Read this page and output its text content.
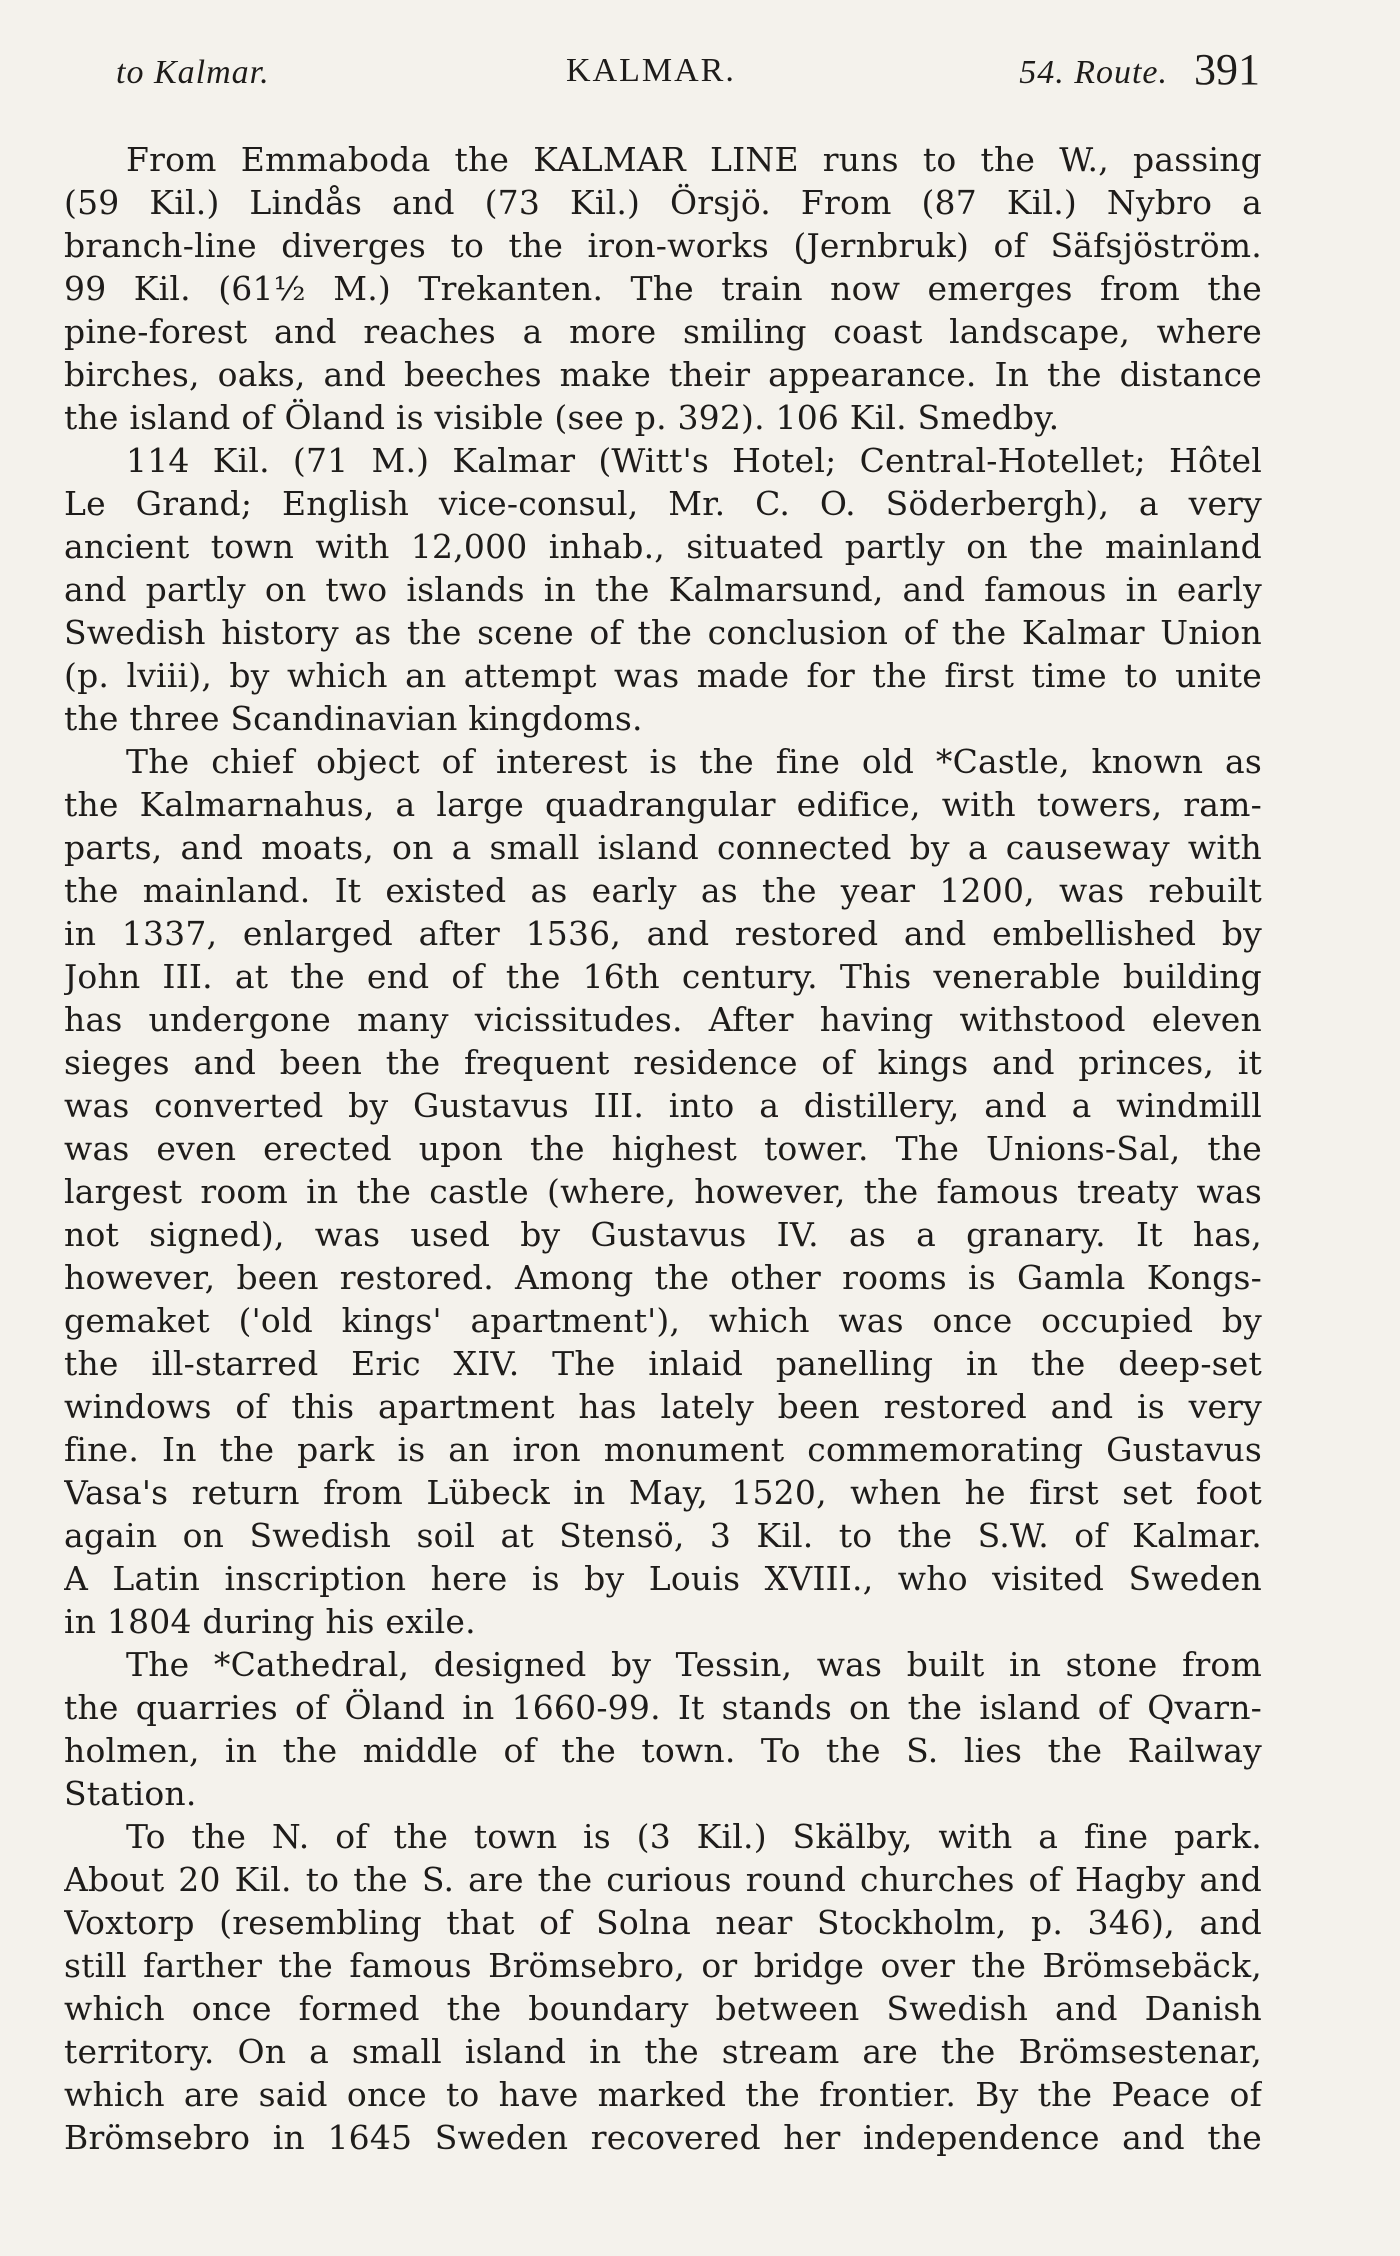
to Kalmar.	KALMAR.	54. Route. 391
From Emmaboda the KALMAR LINE runs to the W., passing
(59 Kil.) Lindås and (73 Kil.) Örsjö. From (87 Kil.) Nybro a
branch-line diverges to the iron-works (Jernbruk) of Säfsjöström.
99 Kil. (61½ M.) Trekanten. The train now emerges from the
pine-forest and reaches a more smiling coast landscape, where
birches, oaks, and beeches make their appearance. In the distance
the island of Öland is visible (see p. 392). 106 Kil. Smedby.
114 Kil. (71 M.) Kalmar (Witt's Hotel; Central-Hotellet; Hôtel
Le Grand; English vice-consul, Mr. C. O. Söderbergh), a very
ancient town with 12,000 inhab., situated partly on the mainland
and partly on two islands in the Kalmarsund, and famous in early
Swedish history as the scene of the conclusion of the Kalmar Union
(p. lviii), by which an attempt was made for the first time to unite
the three Scandinavian kingdoms.
The chief object of interest is the fine old *Castle, known as
the Kalmarnahus, a large quadrangular edifice, with towers, ram-
parts, and moats, on a small island connected by a causeway with
the mainland. It existed as early as the year 1200, was rebuilt
in 1337, enlarged after 1536, and restored and embellished by
John III. at the end of the 16th century. This venerable building
has undergone many vicissitudes. After having withstood eleven
sieges and been the frequent residence of kings and princes, it
was converted by Gustavus III. into a distillery, and a windmill
was even erected upon the highest tower. The Unions-Sal, the
largest room in the castle (where, however, the famous treaty was
not signed), was used by Gustavus IV. as a granary. It has,
however, been restored. Among the other rooms is Gamla Kongs-
gemaket ('old kings' apartment'), which was once occupied by
the ill-starred Eric XIV. The inlaid panelling in the deep-set
windows of this apartment has lately been restored and is very
fine. In the park is an iron monument commemorating Gustavus
Vasa's return from Lübeck in May, 1520, when he first set foot
again on Swedish soil at Stensö, 3 Kil. to the S.W. of Kalmar.
A Latin inscription here is by Louis XVIII., who visited Sweden
in 1804 during his exile.
The *Cathedral, designed by Tessin, was built in stone from
the quarries of Öland in 1660-99. It stands on the island of Qvarn-
holmen, in the middle of the town. To the S. lies the Railway
Station.
To the N. of the town is (3 Kil.) Skälby, with a fine park.
About 20 Kil. to the S. are the curious round churches of Hagby and
Voxtorp (resembling that of Solna near Stockholm, p. 346), and
still farther the famous Brömsebro, or bridge over the Brömsebäck,
which once formed the boundary between Swedish and Danish
territory. On a small island in the stream are the Brömsestenar,
which are said once to have marked the frontier. By the Peace of
Brömsebro in 1645 Sweden recovered her independence and the
